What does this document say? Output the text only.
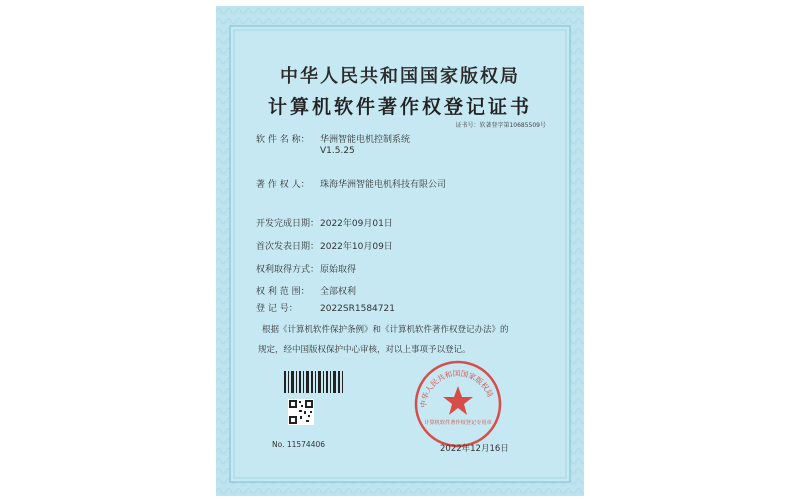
中华人民共和国国家版权局
计算机软件著作权登记证书
证书号：软著登字第10685509号
软 件 名 称： 华洲智能电机控制系统
V1.5.25
著 作 权 人： 珠海华洲智能电机科技有限公司
开发完成日期：2022年09月01日
首次发表日期：2022年10月09日
权利取得方式：原始取得
权 利 范 围： 全部权利
登 记 号： 2022SR1584721
根据《计算机软件保护条例》和《计算机软件著作权登记办法》的
规定，经中国版权保护中心审核，对以上事项予以登记。
No. 11574406
中华人民共和国国家版权局
计算机软件著作权登记专用章
2022年12月16日
